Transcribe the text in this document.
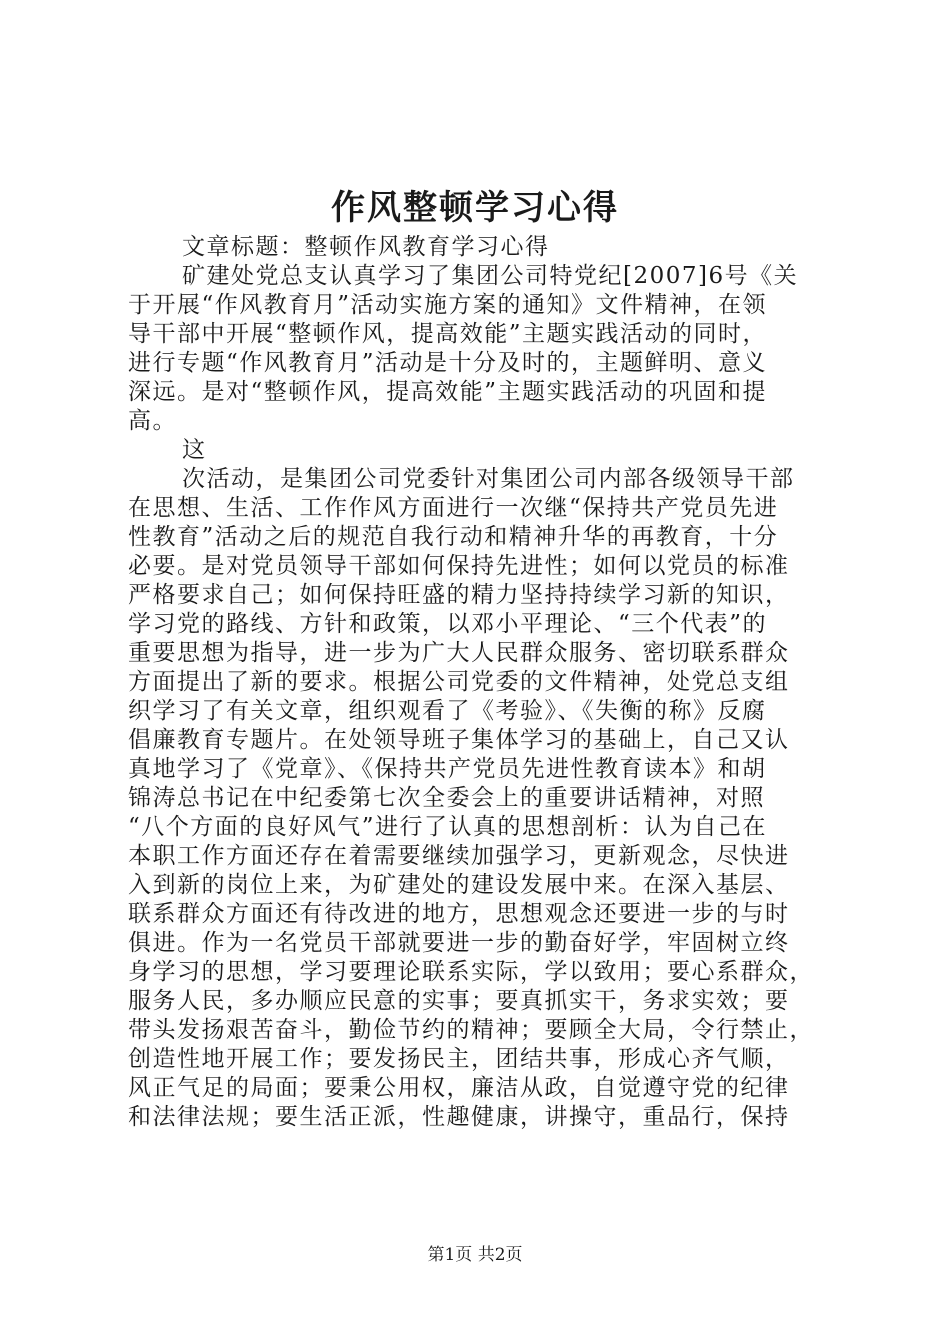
作风整顿学习心得
文章标题：整顿作风教育学习心得
矿建处党总支认真学习了集团公司特党纪[2007]6号《关
于开展“作风教育月”活动实施方案的通知》文件精神，在领
导干部中开展“整顿作风，提高效能”主题实践活动的同时，
进行专题“作风教育月”活动是十分及时的，主题鲜明、意义
深远。是对“整顿作风，提高效能”主题实践活动的巩固和提
高。
这
次活动，是集团公司党委针对集团公司内部各级领导干部
在思想、生活、工作作风方面进行一次继“保持共产党员先进
性教育”活动之后的规范自我行动和精神升华的再教育，十分
必要。是对党员领导干部如何保持先进性；如何以党员的标准
严格要求自己；如何保持旺盛的精力坚持持续学习新的知识，
学习党的路线、方针和政策，以邓小平理论、“三个代表”的
重要思想为指导，进一步为广大人民群众服务、密切联系群众
方面提出了新的要求。根据公司党委的文件精神，处党总支组
织学习了有关文章，组织观看了《考验》、《失衡的称》反腐
倡廉教育专题片。在处领导班子集体学习的基础上，自己又认
真地学习了《党章》、《保持共产党员先进性教育读本》和胡
锦涛总书记在中纪委第七次全委会上的重要讲话精神，对照
“八个方面的良好风气”进行了认真的思想剖析：认为自己在
本职工作方面还存在着需要继续加强学习，更新观念，尽快进
入到新的岗位上来，为矿建处的建设发展中来。在深入基层、
联系群众方面还有待改进的地方，思想观念还要进一步的与时
俱进。作为一名党员干部就要进一步的勤奋好学，牢固树立终
身学习的思想，学习要理论联系实际，学以致用；要心系群众，
服务人民，多办顺应民意的实事；要真抓实干，务求实效；要
带头发扬艰苦奋斗，勤俭节约的精神；要顾全大局，令行禁止，
创造性地开展工作；要发扬民主，团结共事，形成心齐气顺，
风正气足的局面；要秉公用权，廉洁从政，自觉遵守党的纪律
和法律法规；要生活正派，性趣健康，讲操守，重品行，保持
第1页 共2页
